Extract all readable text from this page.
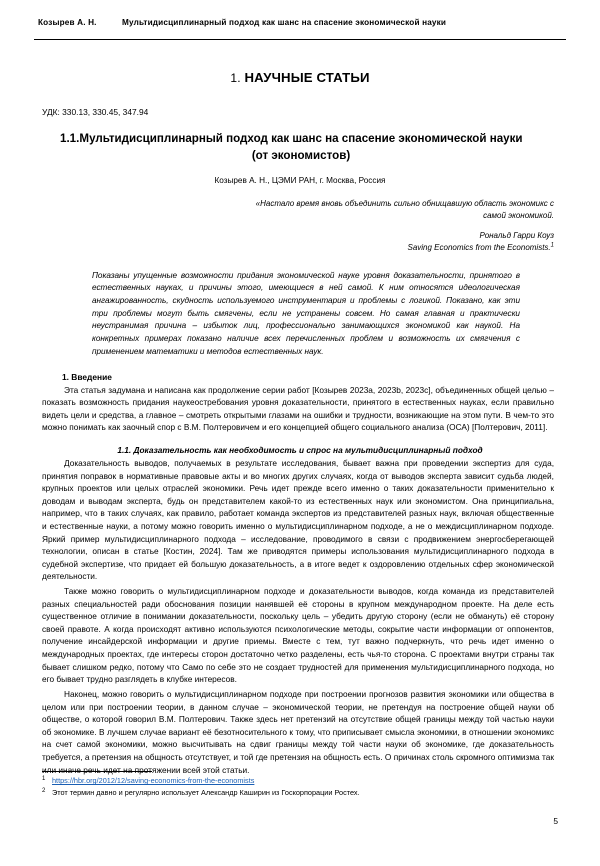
Козырев А. Н.	Мультидисциплинарный подход как шанс на спасение экономической науки
1. НАУЧНЫЕ СТАТЬИ
УДК: 330.13, 330.45, 347.94
1.1. Мультидисциплинарный подход как шанс на спасение экономической науки (от экономистов)
Козырев А. Н., ЦЭМИ РАН, г. Москва, Россия
«Настало время вновь объединить сильно обнищавшую область экономикс с самой экономикой.
Рональд Гарри Коуз
Saving Economics from the Economists.$^1$
Показаны упущенные возможности придания экономической науке уровня доказательности, принятого в естественных науках, и причины этого, имеющиеся в ней самой. К ним относятся идеологическая ангажированность, скудность используемого инструментария и проблемы с логикой. Показано, как эти три проблемы могут быть смягчены, если не устранены совсем. Но самая главная и практически неустранимая причина – избыток лиц, профессионально занимающихся экономикой как наукой. На конкретных примерах показано наличие всех перечисленных проблем и возможность их смягчения с применением математики и методов естественных наук.
1. Введение

Эта статья задумана и написана как продолжение серии работ [Козырев 2023a, 2023b, 2023c], объединенных общей целью – показать возможность придания наукеостребования уровня доказательности, принятого в естественных науках, если правильно видеть цели и средства, а главное – смотреть открытыми глазами на ошибки и трудности, возникающие на этом пути. В чем-то это можно понимать как заочный спор с В.М. Полтеровичем и его концепцией общего социального анализа (ОСА) [Полтерович, 2011].

1.1. Доказательность как необходимость и спрос на мультидисциплинарный подход

Доказательность выводов, получаемых в результате исследования, бывает важна при проведении экспертиз для суда, принятия поправок в нормативные правовые акты и во многих других случаях, когда от выводов эксперта зависит судьба людей, крупных проектов или целых отраслей экономики. Речь идет прежде всего именно о таких доказательности применительно к доводам и выводам эксперта, будь он представителем какой-то из естественных наук или экономистом. Она принципиальна, например, что в таких случаях, как правило, работает команда экспертов из представителей разных наук, включая общественные и естественные науки, а потому можно говорить именно о мультидисциплинарном подходе, а не о междисциплинарном подходе. Яркий пример мультидисциплинарного подхода – исследование, проводимого в связи с продвижением энергосберегающей технологии, описан в статье [Костин, 2024]. Там же приводятся примеры использования мультидисциплинарного подхода в судебной экспертизе, что придает ей большую доказательность, а в итоге ведет к оздоровлению отдельных сфер экономической деятельности.

Также можно говорить о мультидисциплинарном подходе и доказательности выводов, когда команда из представителей разных специальностей ради обоснования позиции нанявшей её стороны в крупном международном проекте. На деле есть существенное отличие в понимании доказательности, поскольку цель – убедить другую сторону (если не обмануть) её сторону своей правоте. А когда происходят активно используются психологические методы, сокрытие части информации от оппонентов, получение инсайдерской информации и другие приемы. Вместе с тем, тут важно подчеркнуть, что речь идет именно о международных проектах, где интересы сторон достаточно четко разделены, есть чья-то сторона. С проектами внутри страны так бывает слишком редко, потому что Само по себе это не создает трудностей для применения мультидисциплинарного подхода, но его бывает трудно разглядеть в клубке интересов.

Наконец, можно говорить о мультидисциплинарном подходе при построении прогнозов развития экономики или общества в целом или при построении теории, в данном случае – экономической теории, не претендуя на построение общей науки об обществе, о которой говорил В.М. Полтерович. Также здесь нет претензий на отсутствие общей границы между той частью науки об экономике. В лучшем случае вариант её безотносительного к тому, что приписывает смысла экономики, в отношении экономикс на счет самой экономики, можно высчитывать на сдвиг границы между той части науки об экономике, где доказательность требуется, а претензия на общность отсутствует, и той где претензия на общность есть. О причинах столь скромного оптимизма так или иначе речь идет на протяжении всей этой статьи.

1 https://hbr.org/2012/12/saving-economics-from-the-economists
2 Этот термин давно и регулярно использует Александр Каширин из Госкорпорации Ростех.
5
